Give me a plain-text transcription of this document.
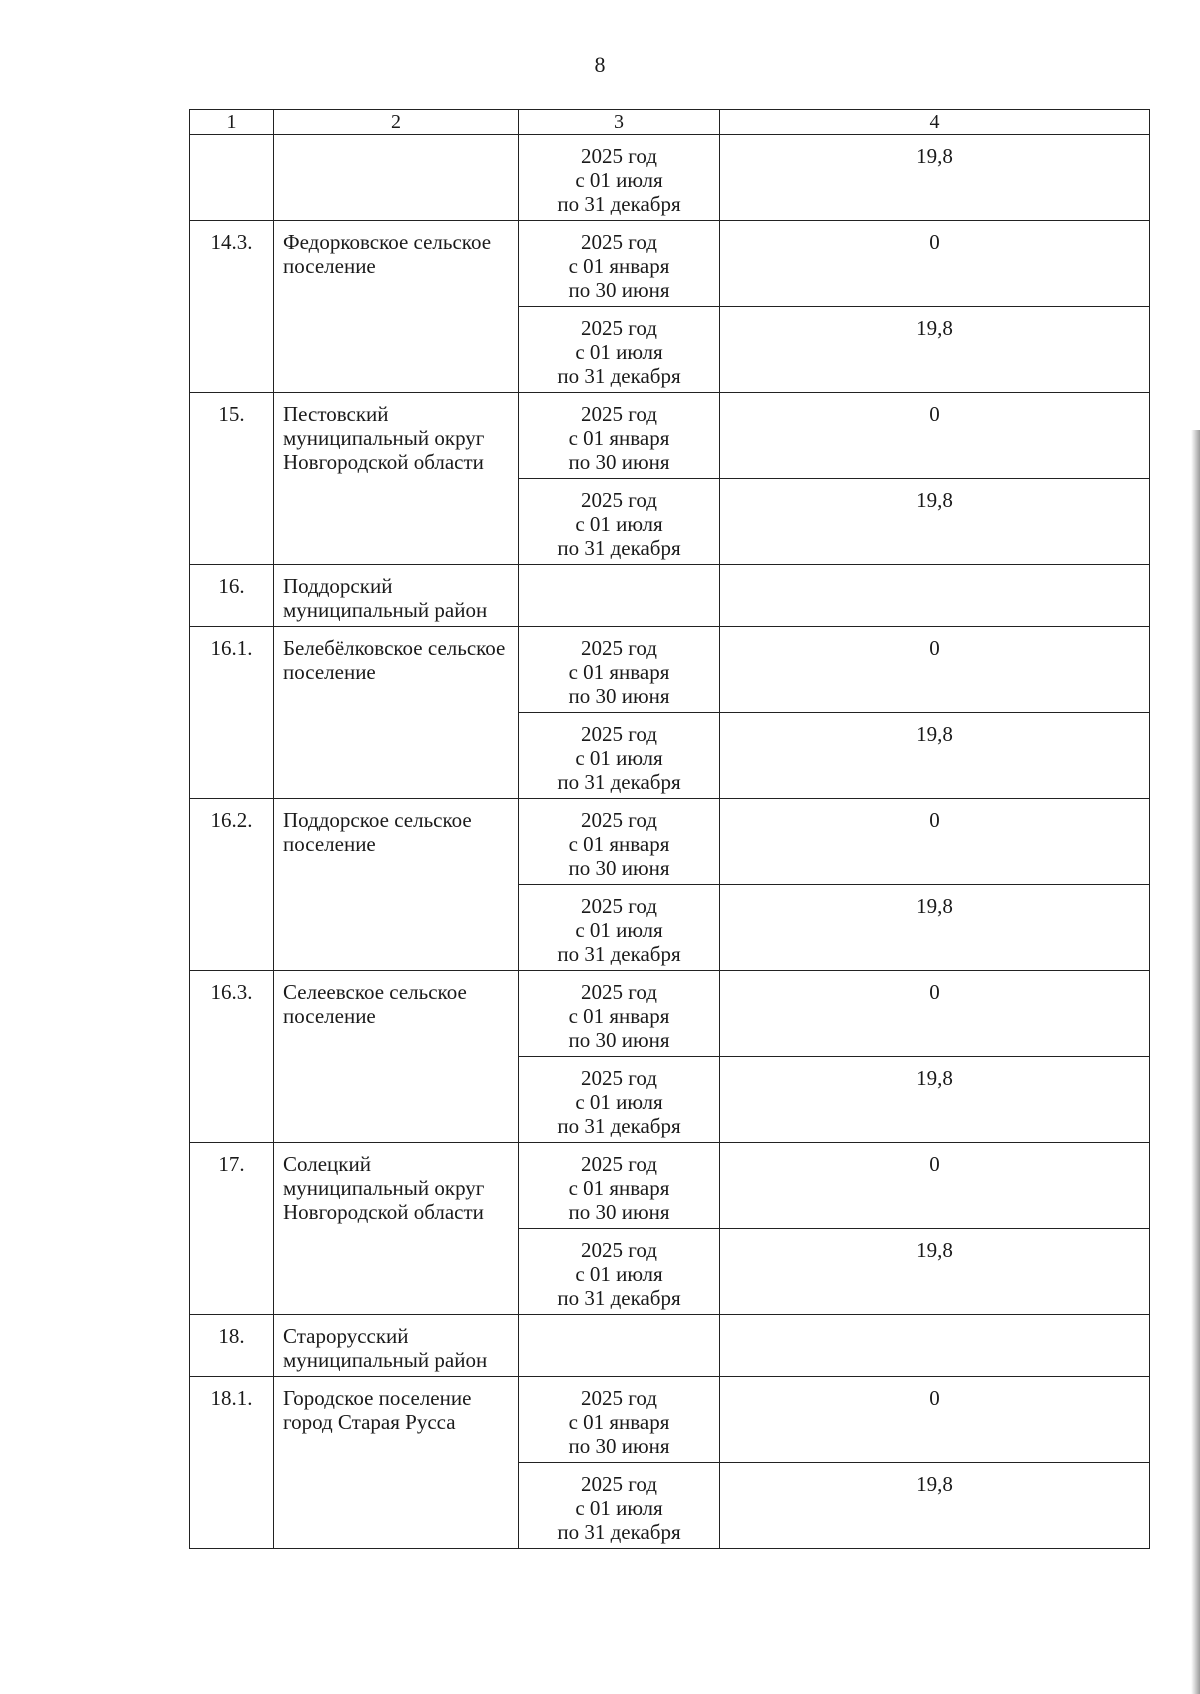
8
1	2	3	4

		2025 год
с 01 июля
по 31 декабря	19,8

14.3.	Федорковское сельское поселение	2025 год
с 01 января
по 30 июня	0

		2025 год
с 01 июля
по 31 декабря	19,8

15.	Пестовский муниципальный округ Новгородской области	2025 год
с 01 января
по 30 июня	0

		2025 год
с 01 июля
по 31 декабря	19,8

16.	Поддорский муниципальный район		

16.1.	Белебёлковское сельское поселение	2025 год
с 01 января
по 30 июня	0

		2025 год
с 01 июля
по 31 декабря	19,8

16.2.	Поддорское сельское поселение	2025 год
с 01 января
по 30 июня	0

		2025 год
с 01 июля
по 31 декабря	19,8

16.3.	Селеевское сельское поселение	2025 год
с 01 января
по 30 июня	0

		2025 год
с 01 июля
по 31 декабря	19,8

17.	Солецкий муниципальный округ Новгородской области	2025 год
с 01 января
по 30 июня	0

		2025 год
с 01 июля
по 31 декабря	19,8

18.	Старорусский муниципальный район		

18.1.	Городское поселение город Старая Русса	2025 год
с 01 января
по 30 июня	0

		2025 год
с 01 июля
по 31 декабря	19,8
